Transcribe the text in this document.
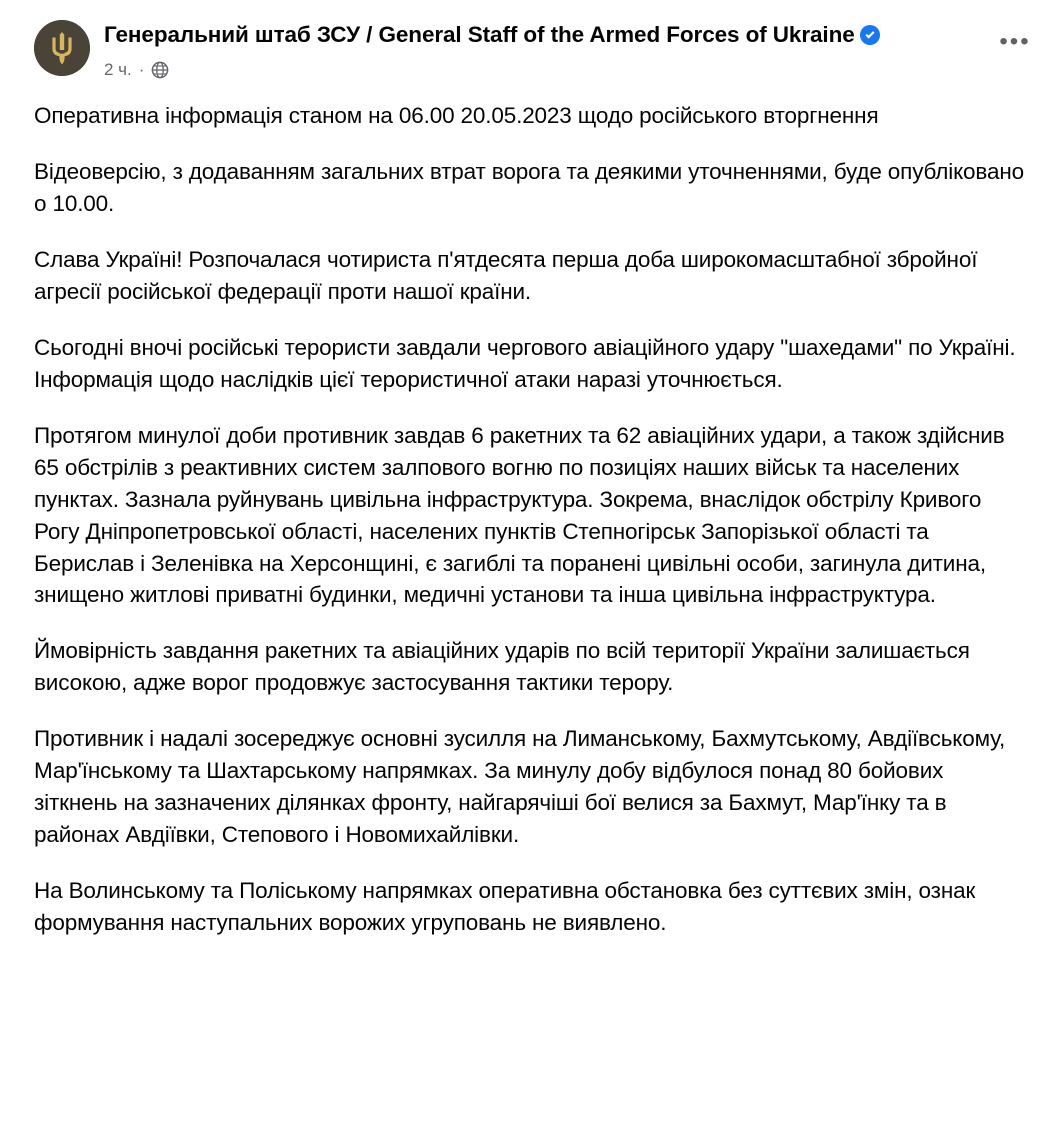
Генеральний штаб ЗСУ / General Staff of the Armed Forces of Ukraine
2 ч. ·
•••

Оперативна інформація станом на 06.00 20.05.2023 щодо російського вторгнення

Відеоверсію, з додаванням загальних втрат ворога та деякими уточненнями, буде опубліковано о 10.00.

Слава Україні! Розпочалася чотириста п'ятдесята перша доба широкомасштабної збройної агресії російської федерації проти нашої країни.

Сьогодні вночі російські терористи завдали чергового авіаційного удару "шахедами" по Україні. Інформація щодо наслідків цієї терористичної атаки наразі уточнюється.

Протягом минулої доби противник завдав 6 ракетних та 62 авіаційних удари, а також здійснив 65 обстрілів з реактивних систем залпового вогню по позиціях наших військ та населених пунктах. Зазнала руйнувань цивільна інфраструктура. Зокрема, внаслідок обстрілу Кривого Рогу Дніпропетровської області, населених пунктів Степногірськ Запорізької області та Берислав і Зеленівка на Херсонщині, є загиблі та поранені цивільні особи, загинула дитина, знищено житлові приватні будинки, медичні установи та інша цивільна інфраструктура.

Ймовірність завдання ракетних та авіаційних ударів по всій території України залишається високою, адже ворог продовжує застосування тактики терору.

Противник і надалі зосереджує основні зусилля на Лиманському, Бахмутському, Авдіївському, Мар'їнському та Шахтарському напрямках. За минулу добу відбулося понад 80 бойових зіткнень на зазначених ділянках фронту, найгарячіші бої велися за Бахмут, Мар'їнку та в районах Авдіївки, Степового і Новомихайлівки.

На Волинському та Поліському напрямках оперативна обстановка без суттєвих змін, ознак формування наступальних ворожих угруповань не виявлено.
